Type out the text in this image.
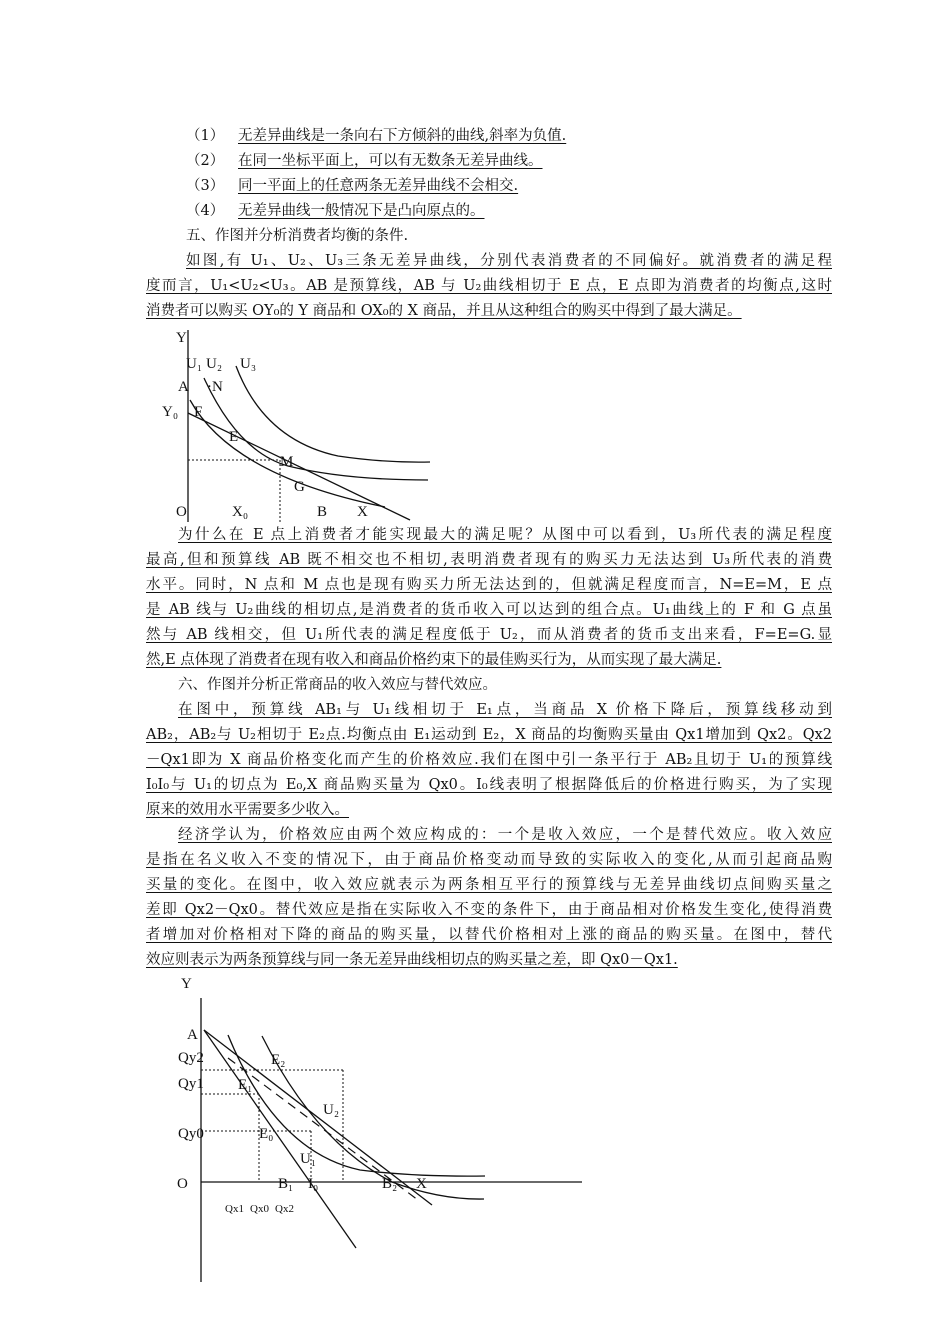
（1） 无差异曲线是一条向右下方倾斜的曲线,斜率为负值.
（2） 在同一坐标平面上，可以有无数条无差异曲线。
（3） 同一平面上的任意两条无差异曲线不会相交.
（4） 无差异曲线一般情况下是凸向原点的。
五、作图并分析消费者均衡的条件.
如图,有 U₁、U₂、U₃三条无差异曲线，分别代表消费者的不同偏好。就消费者的满足程
度而言，U₁<U₂<U₃。AB 是预算线，AB 与 U₂曲线相切于 E 点，E 点即为消费者的均衡点,这时
消费者可以购买 OY₀的 Y 商品和 OX₀的 X 商品，并且从这种组合的购买中得到了最大满足。
Y
U₁ U₂ U₃
A ·N
Y₀ F
E
M
G
O	X₀	B X
为什么在 E 点上消费者才能实现最大的满足呢？从图中可以看到，U₃所代表的满足程度
最高,但和预算线 AB 既不相交也不相切,表明消费者现有的购买力无法达到 U₃所代表的消费
水平。同时，N 点和 M 点也是现有购买力所无法达到的，但就满足程度而言，N=E=M，E 点
是 AB 线与 U₂曲线的相切点,是消费者的货币收入可以达到的组合点。U₁曲线上的 F 和 G 点虽
然与 AB 线相交，但 U₁所代表的满足程度低于 U₂，而从消费者的货币支出来看，F=E=G.显
然,E 点体现了消费者在现有收入和商品价格约束下的最佳购买行为，从而实现了最大满足.
六、作图并分析正常商品的收入效应与替代效应。
在图中，预算线 AB₁与 U₁线相切于 E₁点，当商品 X 价格下降后，预算线移动到
AB₂，AB₂与 U₂相切于 E₂点.均衡点由 E₁运动到 E₂，X 商品的均衡购买量由 Qx1增加到 Qx2。Qx2
－Qx1即为 X 商品价格变化而产生的价格效应.我们在图中引一条平行于 AB₂且切于 U₁的预算线
I₀I₀与 U₁的切点为 E₀,X 商品购买量为 Qx0。I₀线表明了根据降低后的价格进行购买，为了实现
原来的效用水平需要多少收入。
经济学认为，价格效应由两个效应构成的：一个是收入效应，一个是替代效应。收入效应
是指在名义收入不变的情况下，由于商品价格变动而导致的实际收入的变化,从而引起商品购
买量的变化。在图中，收入效应就表示为两条相互平行的预算线与无差异曲线切点间购买量之
差即 Qx2－Qx0。替代效应是指在实际收入不变的条件下，由于商品相对价格发生变化,使得消费
者增加对价格相对下降的商品的购买量，以替代价格相对上涨的商品的购买量。在图中，替代
效应则表示为两条预算线与同一条无差异曲线相切点的购买量之差，即 Qx0－Qx1.
Y
A
Qy2
Qy1
Qy0
O
E₂
E₁
E₀
U₂
U₁
B₁ I₀	B₂ X
Qx1 Qx0 Qx2
